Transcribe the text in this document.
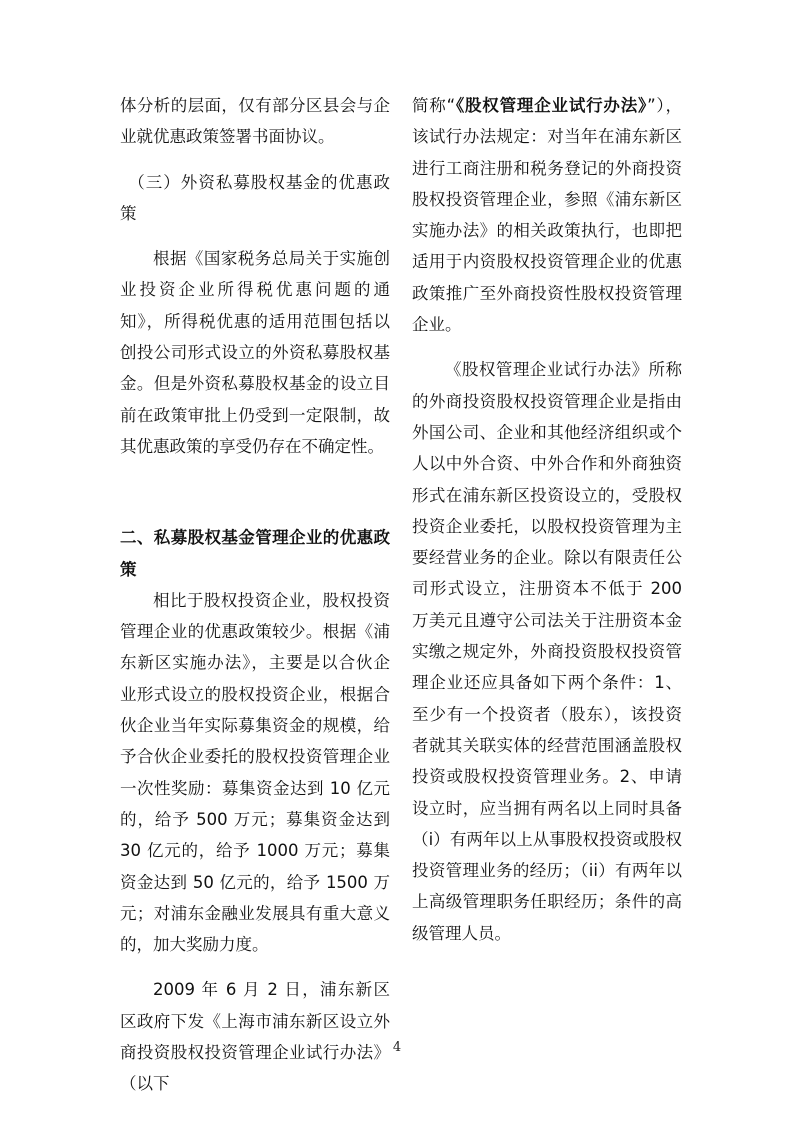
体分析的层面，仅有部分区县会与企业就优惠政策签署书面协议。

（三）外资私募股权基金的优惠政策

根据《国家税务总局关于实施创业投资企业所得税优惠问题的通知》，所得税优惠的适用范围包括以创投公司形式设立的外资私募股权基金。但是外资私募股权基金的设立目前在政策审批上仍受到一定限制，故其优惠政策的享受仍存在不确定性。

二、私募股权基金管理企业的优惠政策

相比于股权投资企业，股权投资管理企业的优惠政策较少。根据《浦东新区实施办法》，主要是以合伙企业形式设立的股权投资企业，根据合伙企业当年实际募集资金的规模，给予合伙企业委托的股权投资管理企业一次性奖励：募集资金达到 10 亿元的，给予 500 万元；募集资金达到 30 亿元的，给予 1000 万元；募集资金达到 50 亿元的，给予 1500 万元；对浦东金融业发展具有重大意义的，加大奖励力度。

2009 年 6 月 2 日，浦东新区区政府下发《上海市浦东新区设立外商投资股权投资管理企业试行办法》（以下

简称“《股权管理企业试行办法》”），该试行办法规定：对当年在浦东新区进行工商注册和税务登记的外商投资股权投资管理企业，参照《浦东新区实施办法》的相关政策执行，也即把适用于内资股权投资管理企业的优惠政策推广至外商投资性股权投资管理企业。

《股权管理企业试行办法》所称的外商投资股权投资管理企业是指由外国公司、企业和其他经济组织或个人以中外合资、中外合作和外商独资形式在浦东新区投资设立的，受股权投资企业委托，以股权投资管理为主要经营业务的企业。除以有限责任公司形式设立，注册资本不低于 200 万美元且遵守公司法关于注册资本金实缴之规定外，外商投资股权投资管理企业还应具备如下两个条件：1、至少有一个投资者（股东），该投资者就其关联实体的经营范围涵盖股权投资或股权投资管理业务。2、申请设立时，应当拥有两名以上同时具备（i）有两年以上从事股权投资或股权投资管理业务的经历；（ii）有两年以上高级管理职务任职经历；条件的高级管理人员。

4
